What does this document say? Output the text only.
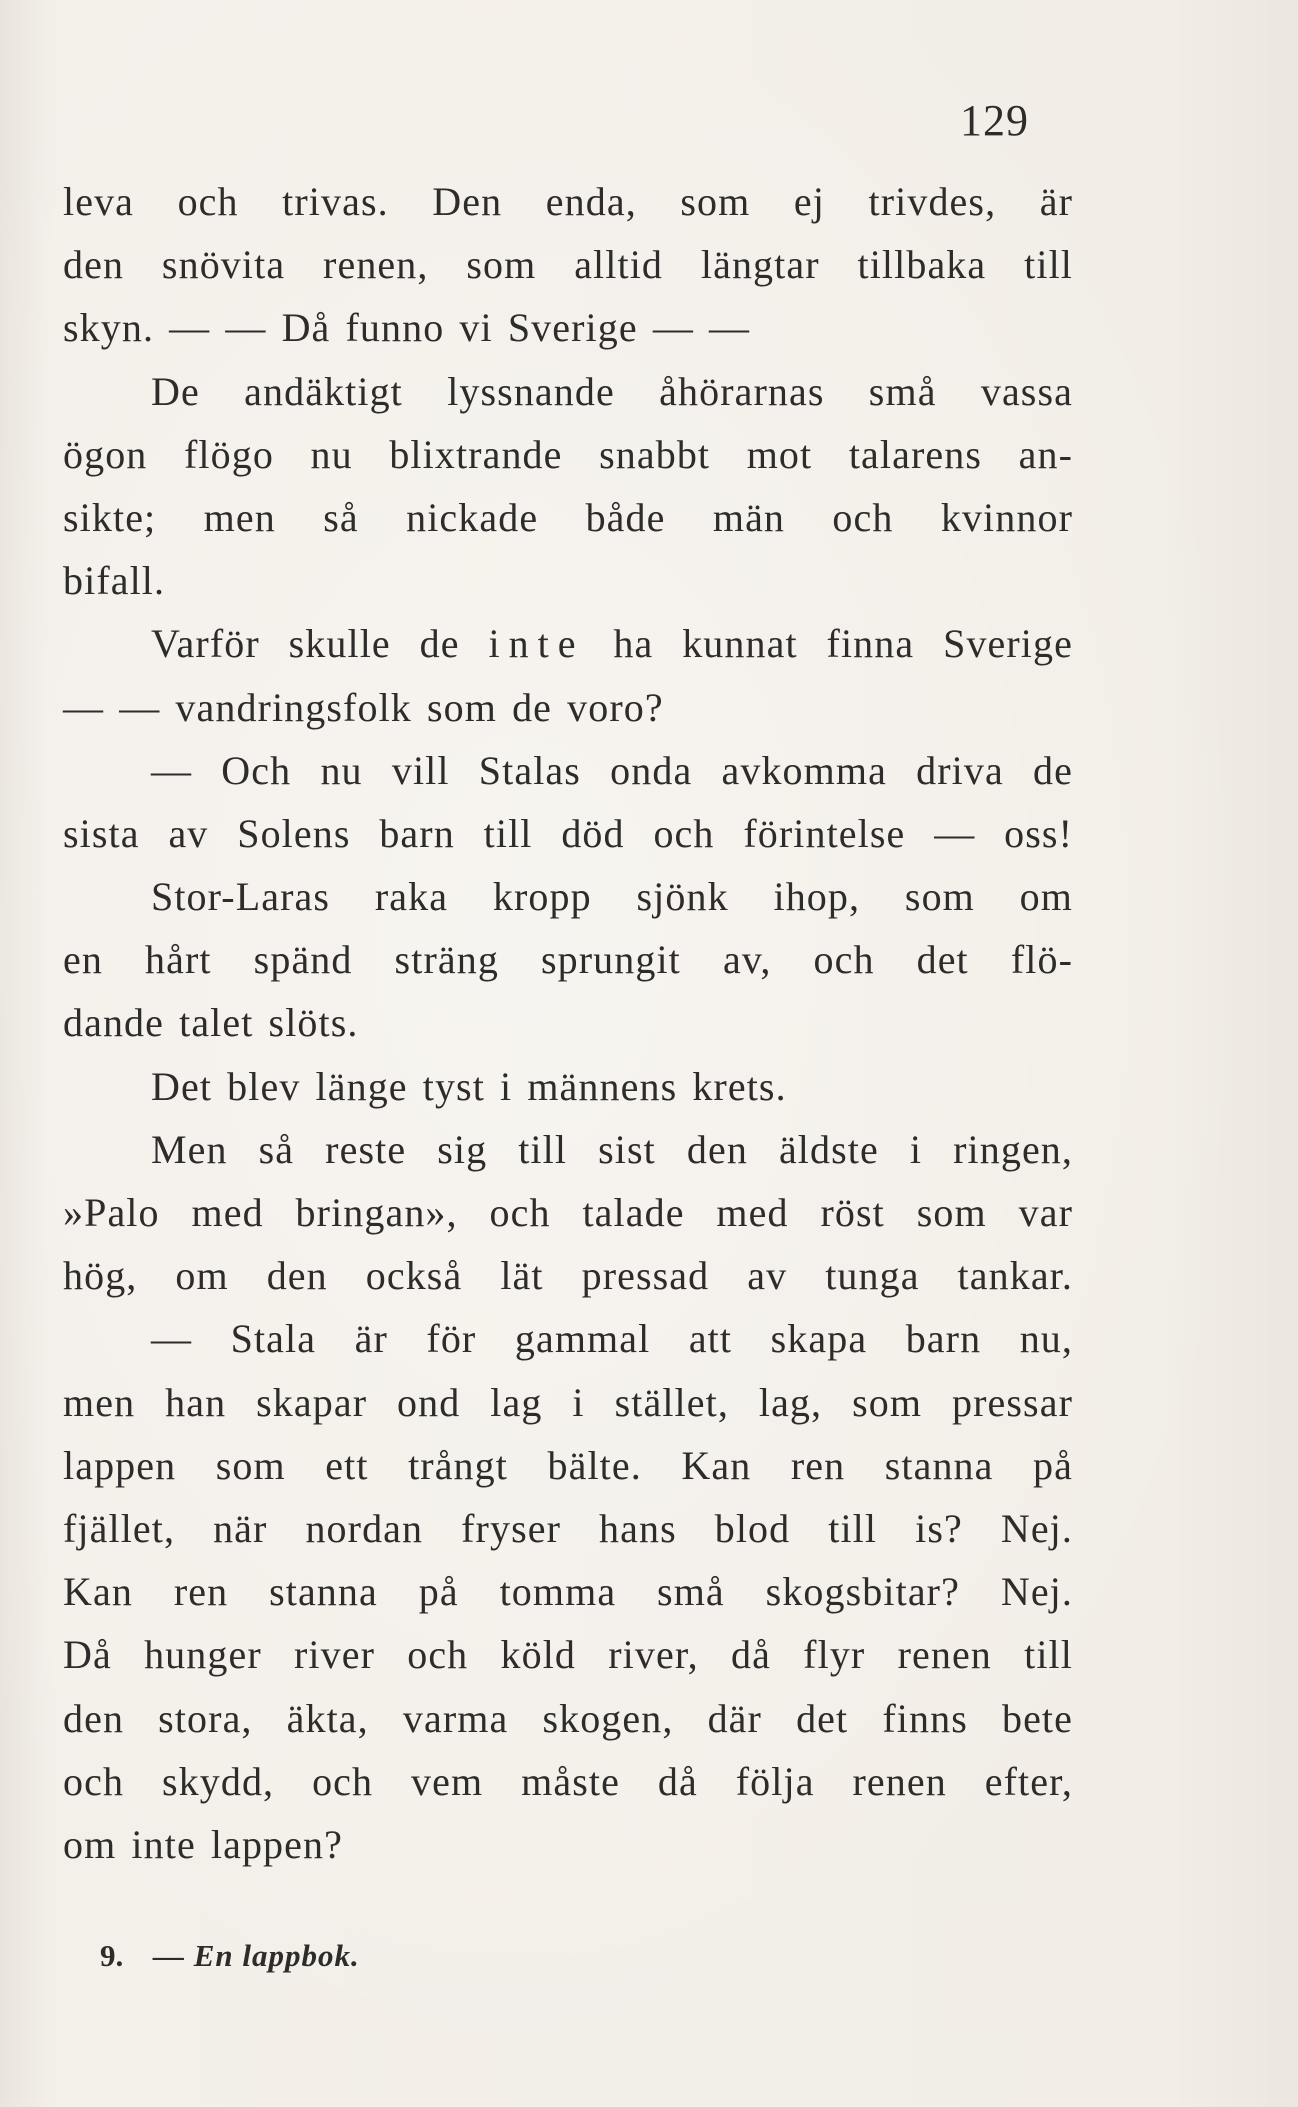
129
leva och trivas. Den enda, som ej trivdes, är
den snövita renen, som alltid längtar tillbaka till
skyn. — — Då funno vi Sverige — —
De andäktigt lyssnande åhörarnas små vassa
ögon flögo nu blixtrande snabbt mot talarens an-
sikte; men så nickade både män och kvinnor
bifall.
Varför skulle de inte ha kunnat finna Sverige
— — vandringsfolk som de voro?
— Och nu vill Stalas onda avkomma driva de
sista av Solens barn till död och förintelse — oss!
Stor-Laras raka kropp sjönk ihop, som om
en hårt spänd sträng sprungit av, och det flö-
dande talet slöts.
Det blev länge tyst i männens krets.
Men så reste sig till sist den äldste i ringen,
»Palo med bringan», och talade med röst som var
hög, om den också lät pressad av tunga tankar.
— Stala är för gammal att skapa barn nu,
men han skapar ond lag i stället, lag, som pressar
lappen som ett trångt bälte. Kan ren stanna på
fjället, när nordan fryser hans blod till is? Nej.
Kan ren stanna på tomma små skogsbitar? Nej.
Då hunger river och köld river, då flyr renen till
den stora, äkta, varma skogen, där det finns bete
och skydd, och vem måste då följa renen efter,
om inte lappen?
9. — En lappbok.
